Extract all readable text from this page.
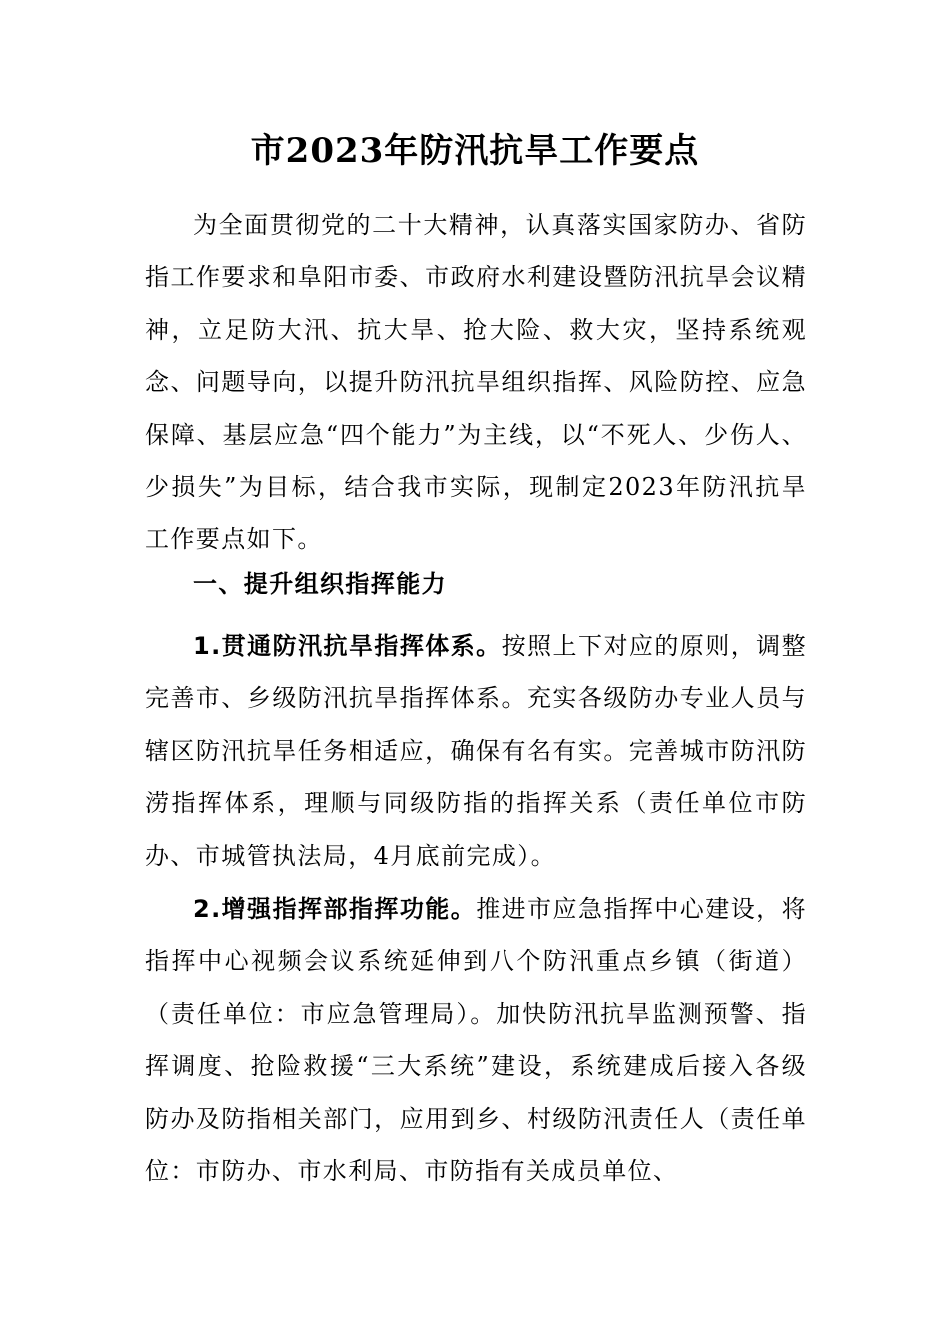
市2023年防汛抗旱工作要点

为全面贯彻党的二十大精神，认真落实国家防办、省防指工作要求和阜阳市委、市政府水利建设暨防汛抗旱会议精神，立足防大汛、抗大旱、抢大险、救大灾，坚持系统观念、问题导向，以提升防汛抗旱组织指挥、风险防控、应急保障、基层应急“四个能力”为主线，以“不死人、少伤人、少损失”为目标，结合我市实际，现制定2023年防汛抗旱工作要点如下。

一、提升组织指挥能力

1.贯通防汛抗旱指挥体系。按照上下对应的原则，调整完善市、乡级防汛抗旱指挥体系。充实各级防办专业人员与辖区防汛抗旱任务相适应，确保有名有实。完善城市防汛防涝指挥体系，理顺与同级防指的指挥关系（责任单位市防办、市城管执法局，4月底前完成）。

2.增强指挥部指挥功能。推进市应急指挥中心建设，将指挥中心视频会议系统延伸到八个防汛重点乡镇（街道）（责任单位：市应急管理局）。加快防汛抗旱监测预警、指挥调度、抢险救援“三大系统”建设，系统建成后接入各级防办及防指相关部门，应用到乡、村级防汛责任人（责任单位：市防办、市水利局、市防指有关成员单位、
